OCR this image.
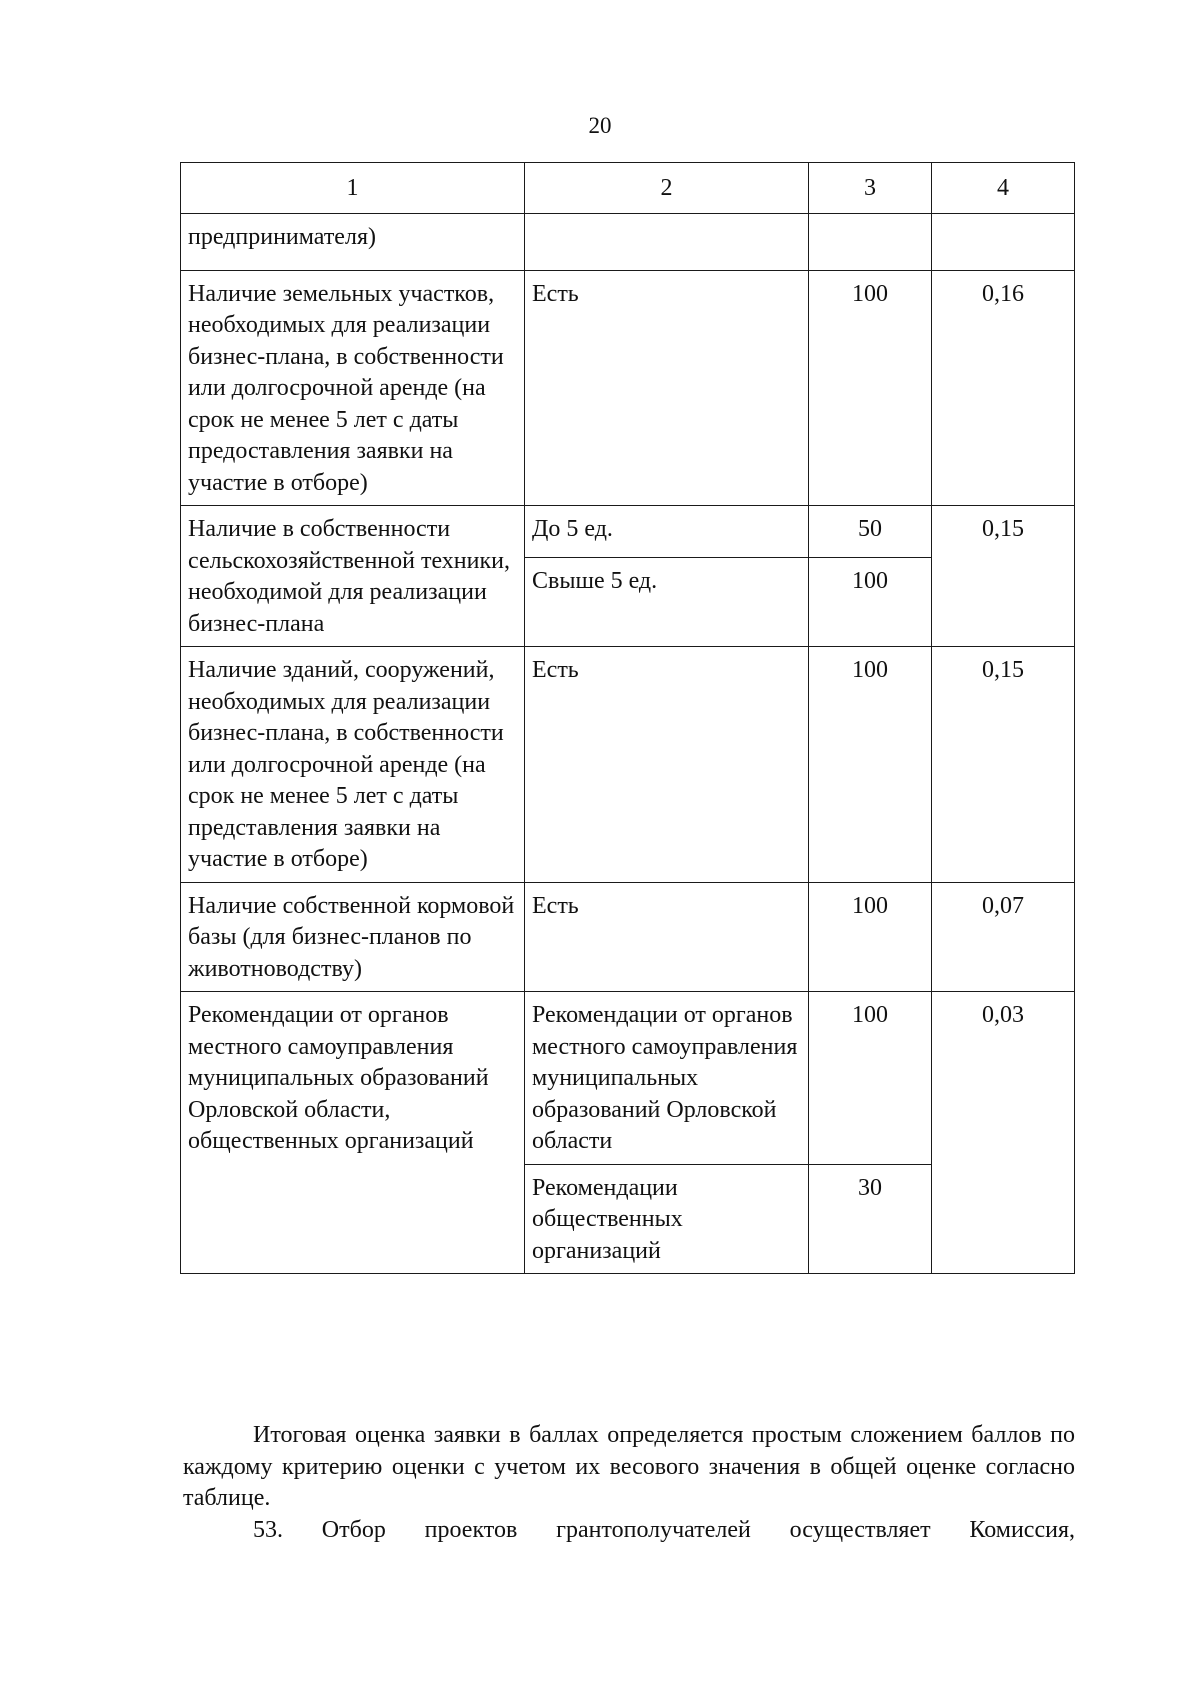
20
1	2	3	4
предпринимателя)			
Наличие земельных участков, необходимых для реализации бизнес-плана, в собственности или долгосрочной аренде (на срок не менее 5 лет с даты предоставления заявки на участие в отборе)	Есть	100	0,16
Наличие в собственности сельскохозяйственной техники, необходимой для реализации бизнес-плана	До 5 ед.	50	0,15
	Свыше 5 ед.	100	
Наличие зданий, сооружений, необходимых для реализации бизнес-плана, в собственности или долгосрочной аренде (на срок не менее 5 лет с даты представления заявки на участие в отборе)	Есть	100	0,15
Наличие собственной кормовой базы (для бизнес-планов по животноводству)	Есть	100	0,07
Рекомендации от органов местного самоуправления муниципальных образований Орловской области, общественных организаций	Рекомендации от органов местного самоуправления муниципальных образований Орловской области	100	0,03
	Рекомендации общественных организаций	30	

Итоговая оценка заявки в баллах определяется простым сложением баллов по каждому критерию оценки с учетом их весового значения в общей оценке согласно таблице.

53. Отбор проектов грантополучателей осуществляет Комиссия,
